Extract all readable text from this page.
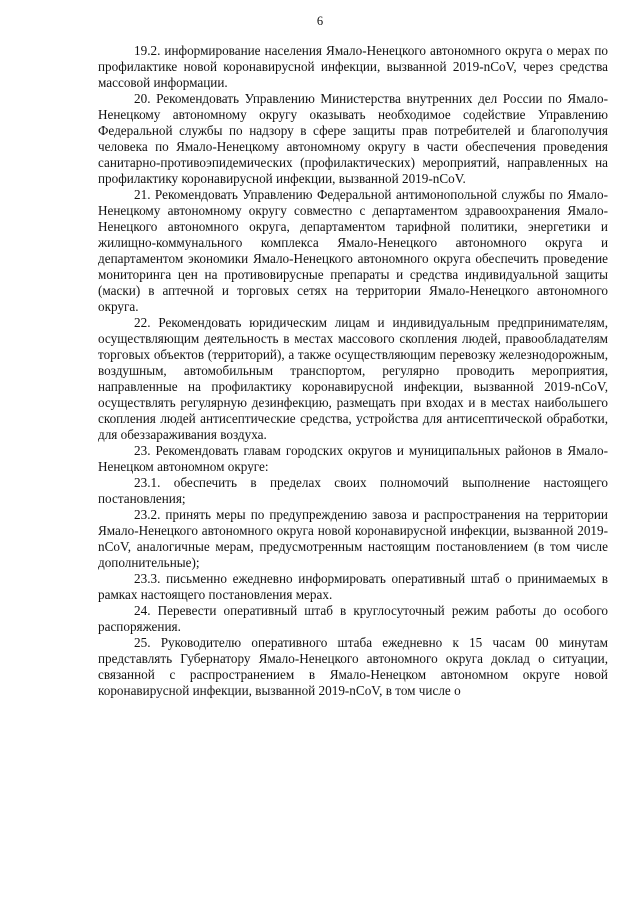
6

19.2. информирование населения Ямало-Ненецкого автономного округа о мерах по профилактике новой коронавирусной инфекции, вызванной 2019-nCoV, через средства массовой информации.

20. Рекомендовать Управлению Министерства внутренних дел России по Ямало-Ненецкому автономному округу оказывать необходимое содействие Управлению Федеральной службы по надзору в сфере защиты прав потребителей и благополучия человека по Ямало-Ненецкому автономному округу в части обеспечения проведения санитарно-противоэпидемических (профилактических) мероприятий, направленных на профилактику коронавирусной инфекции, вызванной 2019-nCoV.

21. Рекомендовать Управлению Федеральной антимонопольной службы по Ямало-Ненецкому автономному округу совместно с департаментом здравоохранения Ямало-Ненецкого автономного округа, департаментом тарифной политики, энергетики и жилищно-коммунального комплекса Ямало-Ненецкого автономного округа и департаментом экономики Ямало-Ненецкого автономного округа обеспечить проведение мониторинга цен на противовирусные препараты и средства индивидуальной защиты (маски) в аптечной и торговых сетях на территории Ямало-Ненецкого автономного округа.

22. Рекомендовать юридическим лицам и индивидуальным предпринимателям, осуществляющим деятельность в местах массового скопления людей, правообладателям торговых объектов (территорий), а также осуществляющим перевозку железнодорожным, воздушным, автомобильным транспортом, регулярно проводить мероприятия, направленные на профилактику коронавирусной инфекции, вызванной 2019-nCoV, осуществлять регулярную дезинфекцию, размещать при входах и в местах наибольшего скопления людей антисептические средства, устройства для антисептической обработки, для обеззараживания воздуха.

23. Рекомендовать главам городских округов и муниципальных районов в Ямало-Ненецком автономном округе:

23.1. обеспечить в пределах своих полномочий выполнение настоящего постановления;

23.2. принять меры по предупреждению завоза и распространения на территории Ямало-Ненецкого автономного округа новой коронавирусной инфекции, вызванной 2019-nCoV, аналогичные мерам, предусмотренным настоящим постановлением (в том числе дополнительные);

23.3. письменно ежедневно информировать оперативный штаб о принимаемых в рамках настоящего постановления мерах.

24. Перевести оперативный штаб в круглосуточный режим работы до особого распоряжения.

25. Руководителю оперативного штаба ежедневно к 15 часам 00 минутам представлять Губернатору Ямало-Ненецкого автономного округа доклад о ситуации, связанной с распространением в Ямало-Ненецком автономном округе новой коронавирусной инфекции, вызванной 2019-nCoV, в том числе о
